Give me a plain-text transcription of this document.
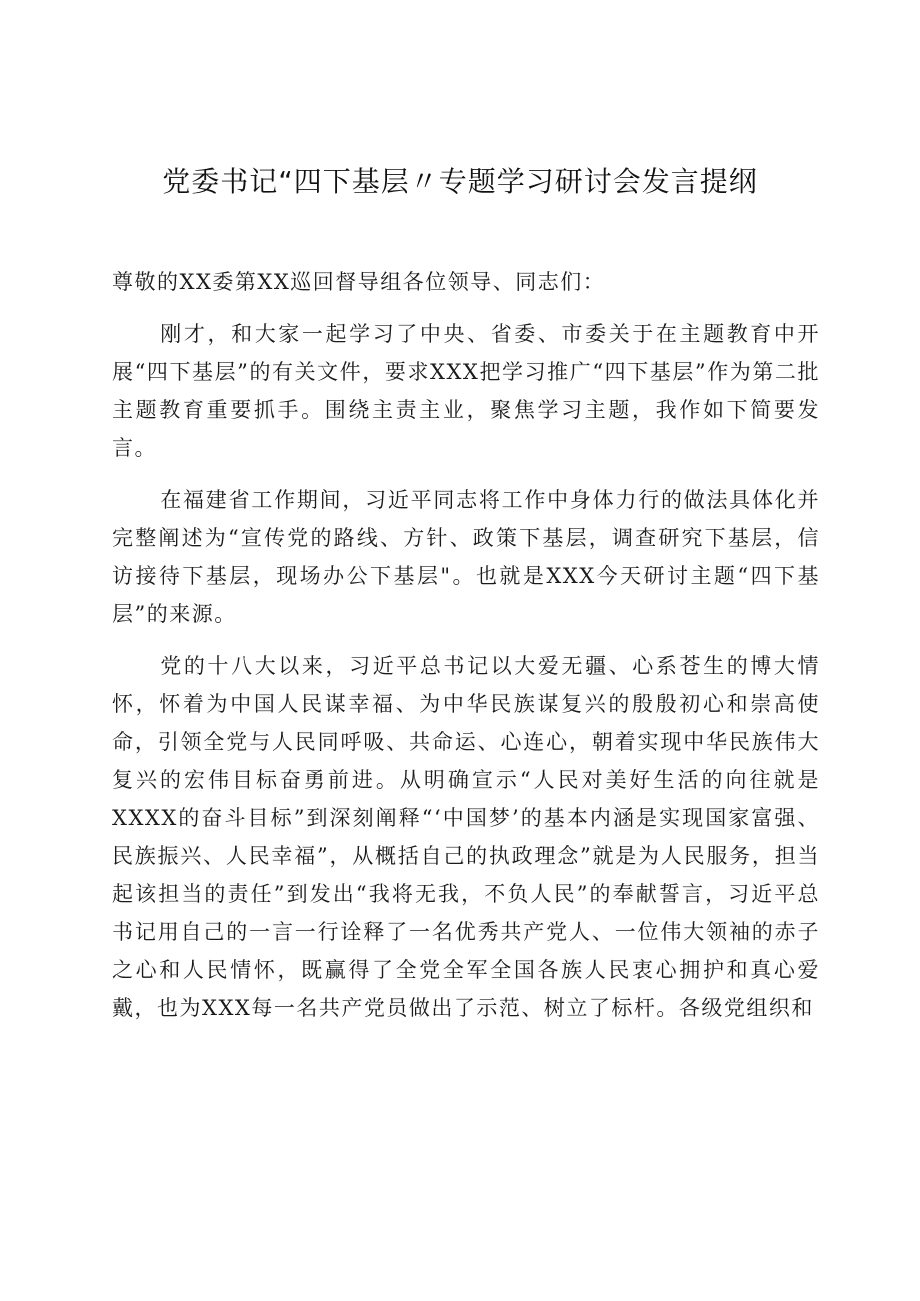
党委书记“四下基层〃专题学习研讨会发言提纲

尊敬的XX委第XX巡回督导组各位领导、同志们：

刚才，和大家一起学习了中央、省委、市委关于在主题教育中开展“四下基层”的有关文件，要求XXX把学习推广“四下基层”作为第二批主题教育重要抓手。围绕主责主业，聚焦学习主题，我作如下简要发言。

在福建省工作期间，习近平同志将工作中身体力行的做法具体化并完整阐述为“宣传党的路线、方针、政策下基层，调查研究下基层，信访接待下基层，现场办公下基层"。也就是XXX今天研讨主题“四下基层”的来源。

党的十八大以来，习近平总书记以大爱无疆、心系苍生的博大情怀，怀着为中国人民谋幸福、为中华民族谋复兴的殷殷初心和崇高使命，引领全党与人民同呼吸、共命运、心连心，朝着实现中华民族伟大复兴的宏伟目标奋勇前进。从明确宣示“人民对美好生活的向往就是XXXX的奋斗目标”到深刻阐释“‘中国梦’的基本内涵是实现国家富强、民族振兴、人民幸福”，从概括自己的执政理念”就是为人民服务，担当起该担当的责任”到发出“我将无我，不负人民”的奉献誓言，习近平总书记用自己的一言一行诠释了一名优秀共产党人、一位伟大领袖的赤子之心和人民情怀，既赢得了全党全军全国各族人民衷心拥护和真心爱戴，也为XXX每一名共产党员做出了示范、树立了标杆。各级党组织和
